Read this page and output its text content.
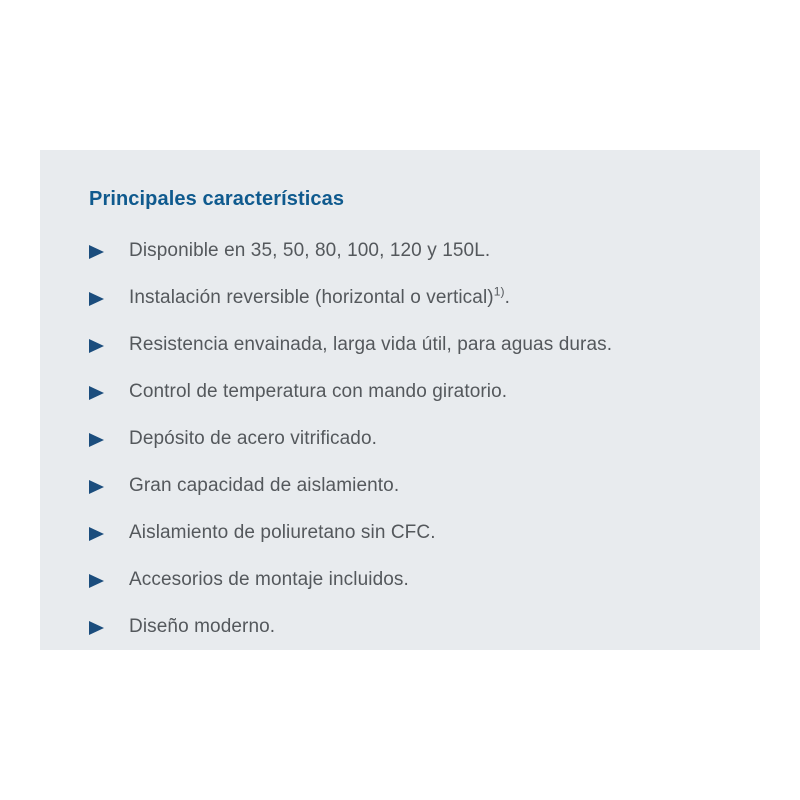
Principales características
Disponible en 35, 50, 80, 100, 120 y 150L.
Instalación reversible (horizontal o vertical)$^{1)}$.
Resistencia envainada, larga vida útil, para aguas duras.
Control de temperatura con mando giratorio.
Depósito de acero vitrificado.
Gran capacidad de aislamiento.
Aislamiento de poliuretano sin CFC.
Accesorios de montaje incluidos.
Diseño moderno.
